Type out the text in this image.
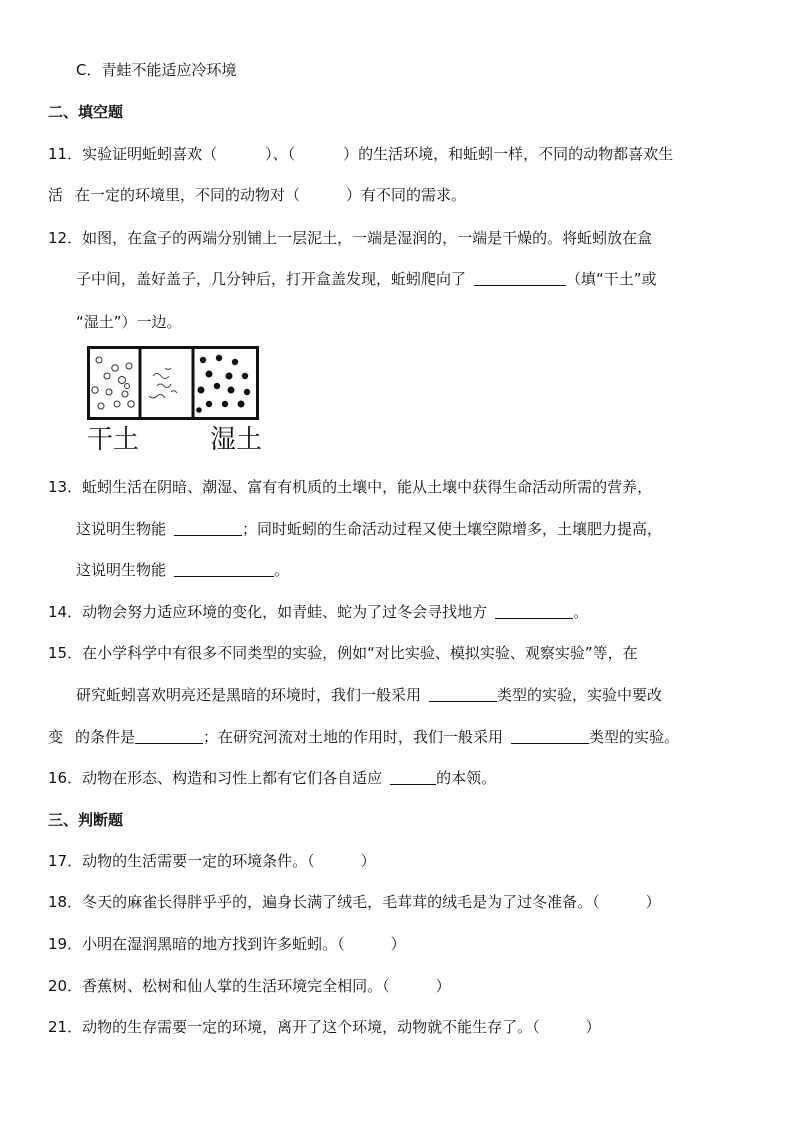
C．青蛙不能适应冷环境
二、填空题
11．实验证明蚯蚓喜欢（	）、（	）的生活环境，和蚯蚓一样，不同的动物都喜欢生
活 在一定的环境里，不同的动物对（	）有不同的需求。
12．如图，在盒子的两端分别铺上一层泥土，一端是湿润的，一端是干燥的。将蚯蚓放在盒
子中间，盖好盖子，几分钟后，打开盒盖发现，蚯蚓爬向了	（填“干土”或
“湿土”）一边。
干土	湿土
13．蚯蚓生活在阴暗、潮湿、富有有机质的土壤中，能从土壤中获得生命活动所需的营养，
这说明生物能	；同时蚯蚓的生命活动过程又使土壤空隙增多，土壤肥力提高，
这说明生物能	。
14．动物会努力适应环境的变化，如青蛙、蛇为了过冬会寻找地方	。
15．在小学科学中有很多不同类型的实验，例如“对比实验、模拟实验、观察实验”等，在
研究蚯蚓喜欢明亮还是黑暗的环境时，我们一般采用	类型的实验，实验中要改
变 的条件是	；在研究河流对土地的作用时，我们一般采用	类型的实验。
16．动物在形态、构造和习性上都有它们各自适应	的本领。
三、判断题
17．动物的生活需要一定的环境条件。（	）
18．冬天的麻雀长得胖乎乎的，遍身长满了绒毛，毛茸茸的绒毛是为了过冬准备。（	）
19．小明在湿润黑暗的地方找到许多蚯蚓。（	）
20．香蕉树、松树和仙人掌的生活环境完全相同。（	）
21．动物的生存需要一定的环境，离开了这个环境，动物就不能生存了。（	）
